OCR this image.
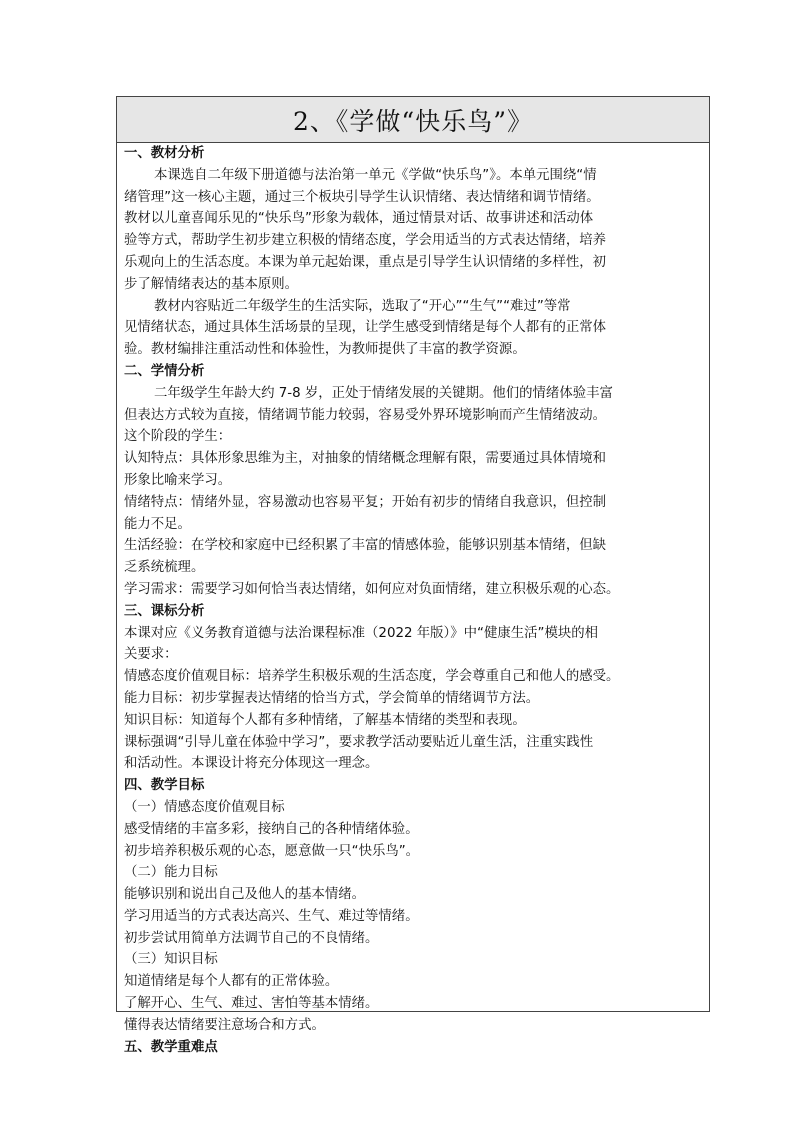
2、《学做“快乐鸟”》
一、教材分析
本课选自二年级下册道德与法治第一单元《学做“快乐鸟”》。本单元围绕“情
绪管理”这一核心主题，通过三个板块引导学生认识情绪、表达情绪和调节情绪。
教材以儿童喜闻乐见的“快乐鸟”形象为载体，通过情景对话、故事讲述和活动体
验等方式，帮助学生初步建立积极的情绪态度，学会用适当的方式表达情绪，培养
乐观向上的生活态度。本课为单元起始课，重点是引导学生认识情绪的多样性，初
步了解情绪表达的基本原则。
教材内容贴近二年级学生的生活实际，选取了“开心”“生气”“难过”等常
见情绪状态，通过具体生活场景的呈现，让学生感受到情绪是每个人都有的正常体
验。教材编排注重活动性和体验性，为教师提供了丰富的教学资源。
二、学情分析
二年级学生年龄大约 7-8 岁，正处于情绪发展的关键期。他们的情绪体验丰富
但表达方式较为直接，情绪调节能力较弱，容易受外界环境影响而产生情绪波动。
这个阶段的学生：
认知特点：具体形象思维为主，对抽象的情绪概念理解有限，需要通过具体情境和
形象比喻来学习。
情绪特点：情绪外显，容易激动也容易平复；开始有初步的情绪自我意识，但控制
能力不足。
生活经验：在学校和家庭中已经积累了丰富的情感体验，能够识别基本情绪，但缺
乏系统梳理。
学习需求：需要学习如何恰当表达情绪，如何应对负面情绪，建立积极乐观的心态。
三、课标分析
本课对应《义务教育道德与法治课程标准（2022 年版）》中“健康生活”模块的相
关要求：
情感态度价值观目标：培养学生积极乐观的生活态度，学会尊重自己和他人的感受。
能力目标：初步掌握表达情绪的恰当方式，学会简单的情绪调节方法。
知识目标：知道每个人都有多种情绪，了解基本情绪的类型和表现。
课标强调“引导儿童在体验中学习”，要求教学活动要贴近儿童生活，注重实践性
和活动性。本课设计将充分体现这一理念。
四、教学目标
（一）情感态度价值观目标
感受情绪的丰富多彩，接纳自己的各种情绪体验。
初步培养积极乐观的心态，愿意做一只“快乐鸟”。
（二）能力目标
能够识别和说出自己及他人的基本情绪。
学习用适当的方式表达高兴、生气、难过等情绪。
初步尝试用简单方法调节自己的不良情绪。
（三）知识目标
知道情绪是每个人都有的正常体验。
了解开心、生气、难过、害怕等基本情绪。
懂得表达情绪要注意场合和方式。
五、教学重难点
